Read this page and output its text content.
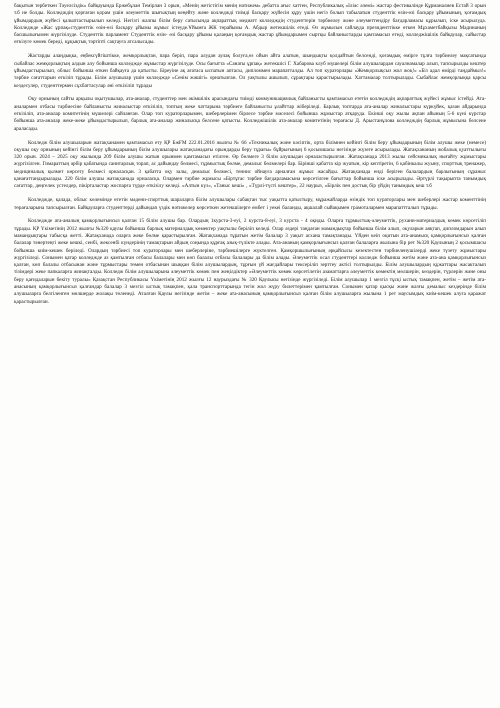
бақытын тербеткен Тәуелсіздік» байқауында Ержебұлан Темірлан 3 орын, «Менің жетістігім менің нәтижем» дебатта ағыс хаттен, Республикалық «Іліәс әлемі» жастар фестивалінде Құрманалиев Естай 3 орын т.б не болды. Колледждің қорғаған қорам үшін әлеуметтік шығықтың кеңейту және колледжді тиімді басқару жүйесін құру үшін негіз болып табылатын студенттік өзін-өзі басқару ұйымының, қоғамдық ұйымдардың жүйесі қалыптастырылып келеді. Негізгі жалпы білім беру сатысында ақпараттық медиатт колледждің студенттерін тәрбиелеу және әлеуметтендіру бағдарламасы құрылып, іске асырылуда. Колледжде «Жас ұрпақ»студенттік өзін-өзі басқару ұйымы жұмыс істеуде.Ұйымға ЖК төрайымы А. Абдыр жетекшілік етеді. Өз жұмысын сайлауда президенттікке өткен Мұхаметбайқызы Мадинаның басшылығымен жүргізілуде. Студенттік парламент Студенттік өзін- өзі басқару ұйымы қалаңың қоғамдық жастар ұйымдарымен сыртқы байланыстарды қамтамасыз етеді, колледжішілік байқаулар, сайыстар өткізуге көмек береді, құқықтық тәртіпті сақтауға атсалысады.

Жастарды алаңдықка, еңбексүйгіштікке, жемқорлықтан, пара беріп, пара алудан аулақ болуға,өз ойын айта алатын, шындықты қолдайтын белсенді, қоғамдық өмірге тұлға тәрбиелеу мақсатында сыбайлас жемқорлықтың алдын алу бойынша колледжде жұмыстар жүргізілуде. Осы бағытта «Санаты ұрпақ» жетекшісі Г. Хабарова клуб мүшелері білім алушылардан сауалнамалар алып, тапсырылды кештер ұйымдастырылып, облыс бойынша өткен байқауға да қатысты. Біреуіне ақ ағатаса ыспатын аптасы, дипломмен марапатталды. Ал топ кураторлары «Жемқорлықсыз жол жоқ!» «Біз адал өмірді таңдаймыз!» тәрбие сағаттарын өткізіп тұрады. Білім алушылар үшін колледжде «Сенім жәшігі» орнатылған. Ол уақтылы ашылып, сұрақтары қарастырылады. Хаттамалар толтырылады. Сыбайлас жемқорлыққа қарсы кездесулер, студенттермен сұхбаттасулар әні өткізіліп тұрады

Оқу орнының сайты арқылы оқытушылар, ата-аналар, студенттер мен әкімшілік арасындағы тиімді коммуникациялық байланысты қамтамасыз ететін колледждің ақпараттық жүйесі жұмыс істейді. Ата-аналармен отбасы тәрбиесіне байланысты жиналыстар өткізіліп, топтың жеке чаттарына тәрбиеге байланысты ұлайттар жіберіледі. Барлық топтарда ата-аналар жиналыстары күркүйек, қазан айдарында өткізіліп, ата-аналар комитетінің мүшелері сайланған. Олар топ кураторларымен, шеберлерімен бірлесе тәрбие мәселесі бойынша жұмыстар атқаруда. Екінші оқу жылы ақпан айының 5-6 күні күрстар бойынша ата-аналар жеке-жеке ұйымдастырылып, барлық ата-аналар жиналысқа белсене қатысты. Колледжішілік ата-аналар комитетінің төрағасы Д. Арыстанұлова колледждің барлық жұмысына белсене араласады.

Колледж білім алушыларын жатақханамен қамтамасыз ету ҚР БжҒМ 222.01.2016 жылғы № 66 «Техникалық және кәсіптік, орта білімнен кейінгі білім беру ұйымдарының білім алушы жеке (немесе) оқушы оқу орнының кейінгі білім беру ұйымдарының білім алушылары жатақханадағы орындарды беру тұрағы» бұйрығының 6 қосымшасы негізінде жүзеге асырылады. Жатақхананың жобалық қуаттылығы 320 орын. 2024 – 2025 оқу жылында 209 білім алушы жатын орынмен қамтамасыз етілген. Өр бөлмеге 3 білім алушыдан орналастырылған. Жатақханада 2013 жылы сейсмикалық нығайту жұмыстары жүргізілген. Гимараттың әрбір қабатында санитарлық торап, ас дайындау бөлмесі, тұрмыстық бөлме, демалыс бөлмелері бар. Бірінші қабатта кір жуатын, кір кептіретін, 6 қабінкалы жуыну, спорттық тренажер, медициналық қызмет көрсету бөлмесі орналасқан. 3 қабатта оқу залы, демалыс бөлмесі, теннис ойнауға арналған жұмыс жасайды. Жатақханада енді беріген балалардың барлығының сұраныс қанағаттандырылады. 220 білім алушы жатақханада орналасқа. Олармен тәрбие жұмысы «Біртұтас тәрбие бағдарламасына көрсетілген бағыттар бойынша іске асырылады. Әртүрлі тақырыпта танымдық сағаттар, деңгелек үстелдер, пікірталастар жоспарға түрде өткізілу келеді. «Алтын күз», «Таныс кеші» , «Түрлі-түсті кештер», 22 наурыз, «Бірлік пен достық бір үйдің танымдық кеш т.б

Колледжде, қалада, облыс көлемінде өтетін мәдени-спорттық шараларға білім алушылары сабақтан тыс уақытта қатыстыру, мұражайларда өзіндік топ кураторлары мен шеберлері жастар коменттінің төрағаларына тапсырылған. Байқауларға студенттерді дайындап үздік нәтижелер көрсеткен жетекшілерге ембет і уекеі баланды, ақшалай сыйақымен грамоталармен марапаттталып тұрады.

Колледжде ата-аналың қамқорлығынсыз қалған 15 білім алушы бар. Олардың 1курста-3-еуі, 2 курста-8-еуі, 3 курста - 4 оқиды. Оларға тұрмыстық-әлеуметтік, рухани-материалдық көмек көрсетіліп тұрады. ҚР Үкіметінің 2012 жылғы №320 қаулы бойынша барлық материалдық көмектер уақтылы беріліп келеді. Олар әздері таңдаған мамандықтар бойынша білім алып, оқуларын аяқтап, дипломдарын алып мамандықтары табысқа жетті. Жатақханада оларға жеке бөлме қарастырылған. Жатақханада тұратын жетім балалар 3 уақыт асхана тамақтанады. Үйден кеіп оқитын ата-анамысқ қамқорлығынсыз қалған балалар тәнертеңгі жеке кешкі, сенбі, жексенбі күндерінің тамақтарын айдың соңында құрғақ азық-түлікте алады. Ата-ананың қамқорлығынсыз қалған балаларға жылына бір рет №320 Қаулының 2 қосымшасы бойынша киім-кешек беріледі. Олардың тәрбиесі топ кураторлары мен шеберлеріне, тәрбиешілерге жүктелген. Қамқоршылығының әрқайсысы кезектестен тәрбиеленушілерді жеке түзету жұмыстары жүргізіледі. Сонымен қатар колледжде аз қамтылған отбасы балалары мен көп балалы отбасы балалары да білім алады. Әлеуметтік осал студенттері колледж бойынша жетім және ата-ана қамқорлығынсыз қалған, көп балалы отбасынан және тұрмыстары төмен отбасынан шыққан білім алушылардың, тұрғын үй жағдайлары тексеріліп зерттеу актісі толтырылды. Білім алушылардың құжаттары жасакталып тізімдері жеке папкаларға жинақталды. Колледж білім алушыларына әлеуметтік көмек пен жеңілдіктер «Әлеуметтік көмек көрсетілетін азаматтарға әлеуметтік көмектің мөлшерін, көздерін, түрлерін және оны беру қағидаларын бекіту туралы» Қазақстан Республикасы Үкіметінің 2012 жылғы 12 наурыздағы № 320 Қаулысы негізінде жүргізіледі. Білім алушылар 1 мезгіл тұсқі ыстық тамақпен, жетім – жетім ата-анасының қамқорлығынсыз қалғандар балалар 3 мезгіл ыстық тамақпен, қала транспорттарында тегін жол жүру билеттерімен қамтылған. Сонымен қатар қысқы және жазғы демалыс кездерінде білім алушыларға белгіленген мөлшерде жолақы төленеді. Аталған Қаулы негізінде жетім – жеке ата-анасының қамқорлығынсыз қалған білім алушыларға жылына 1 рет маусымдық киім-кешек алуға қаражат қарастырылған.
